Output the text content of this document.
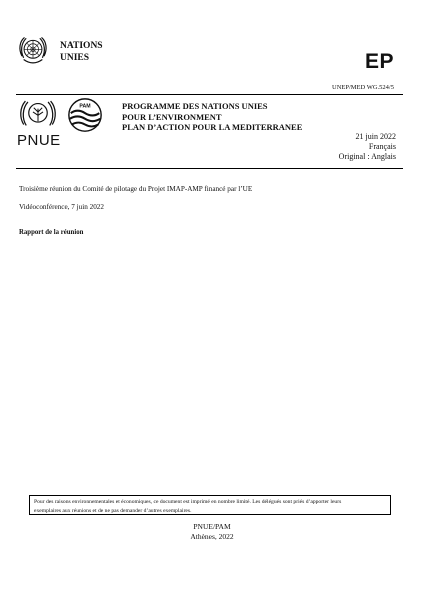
NATIONS
UNIES	EP
UNEP/MED WG.524/5
PAM
PNUE
PROGRAMME DES NATIONS UNIES
POUR L’ENVIRONMENT
PLAN D’ACTION POUR LA MEDITERRANEE
21 juin 2022
Français
Original : Anglais
Troisième réunion du Comité de pilotage du Projet IMAP-AMP financé par l’UE
Vidéoconférence, 7 juin 2022
Rapport de la réunion
Pour des raisons environnementales et économiques, ce document est imprimé en nombre limité. Les délégués sont priés d’apporter leurs
exemplaires aux réunions et de ne pas demander d’autres exemplaires.
PNUE/PAM
Athènes, 2022
